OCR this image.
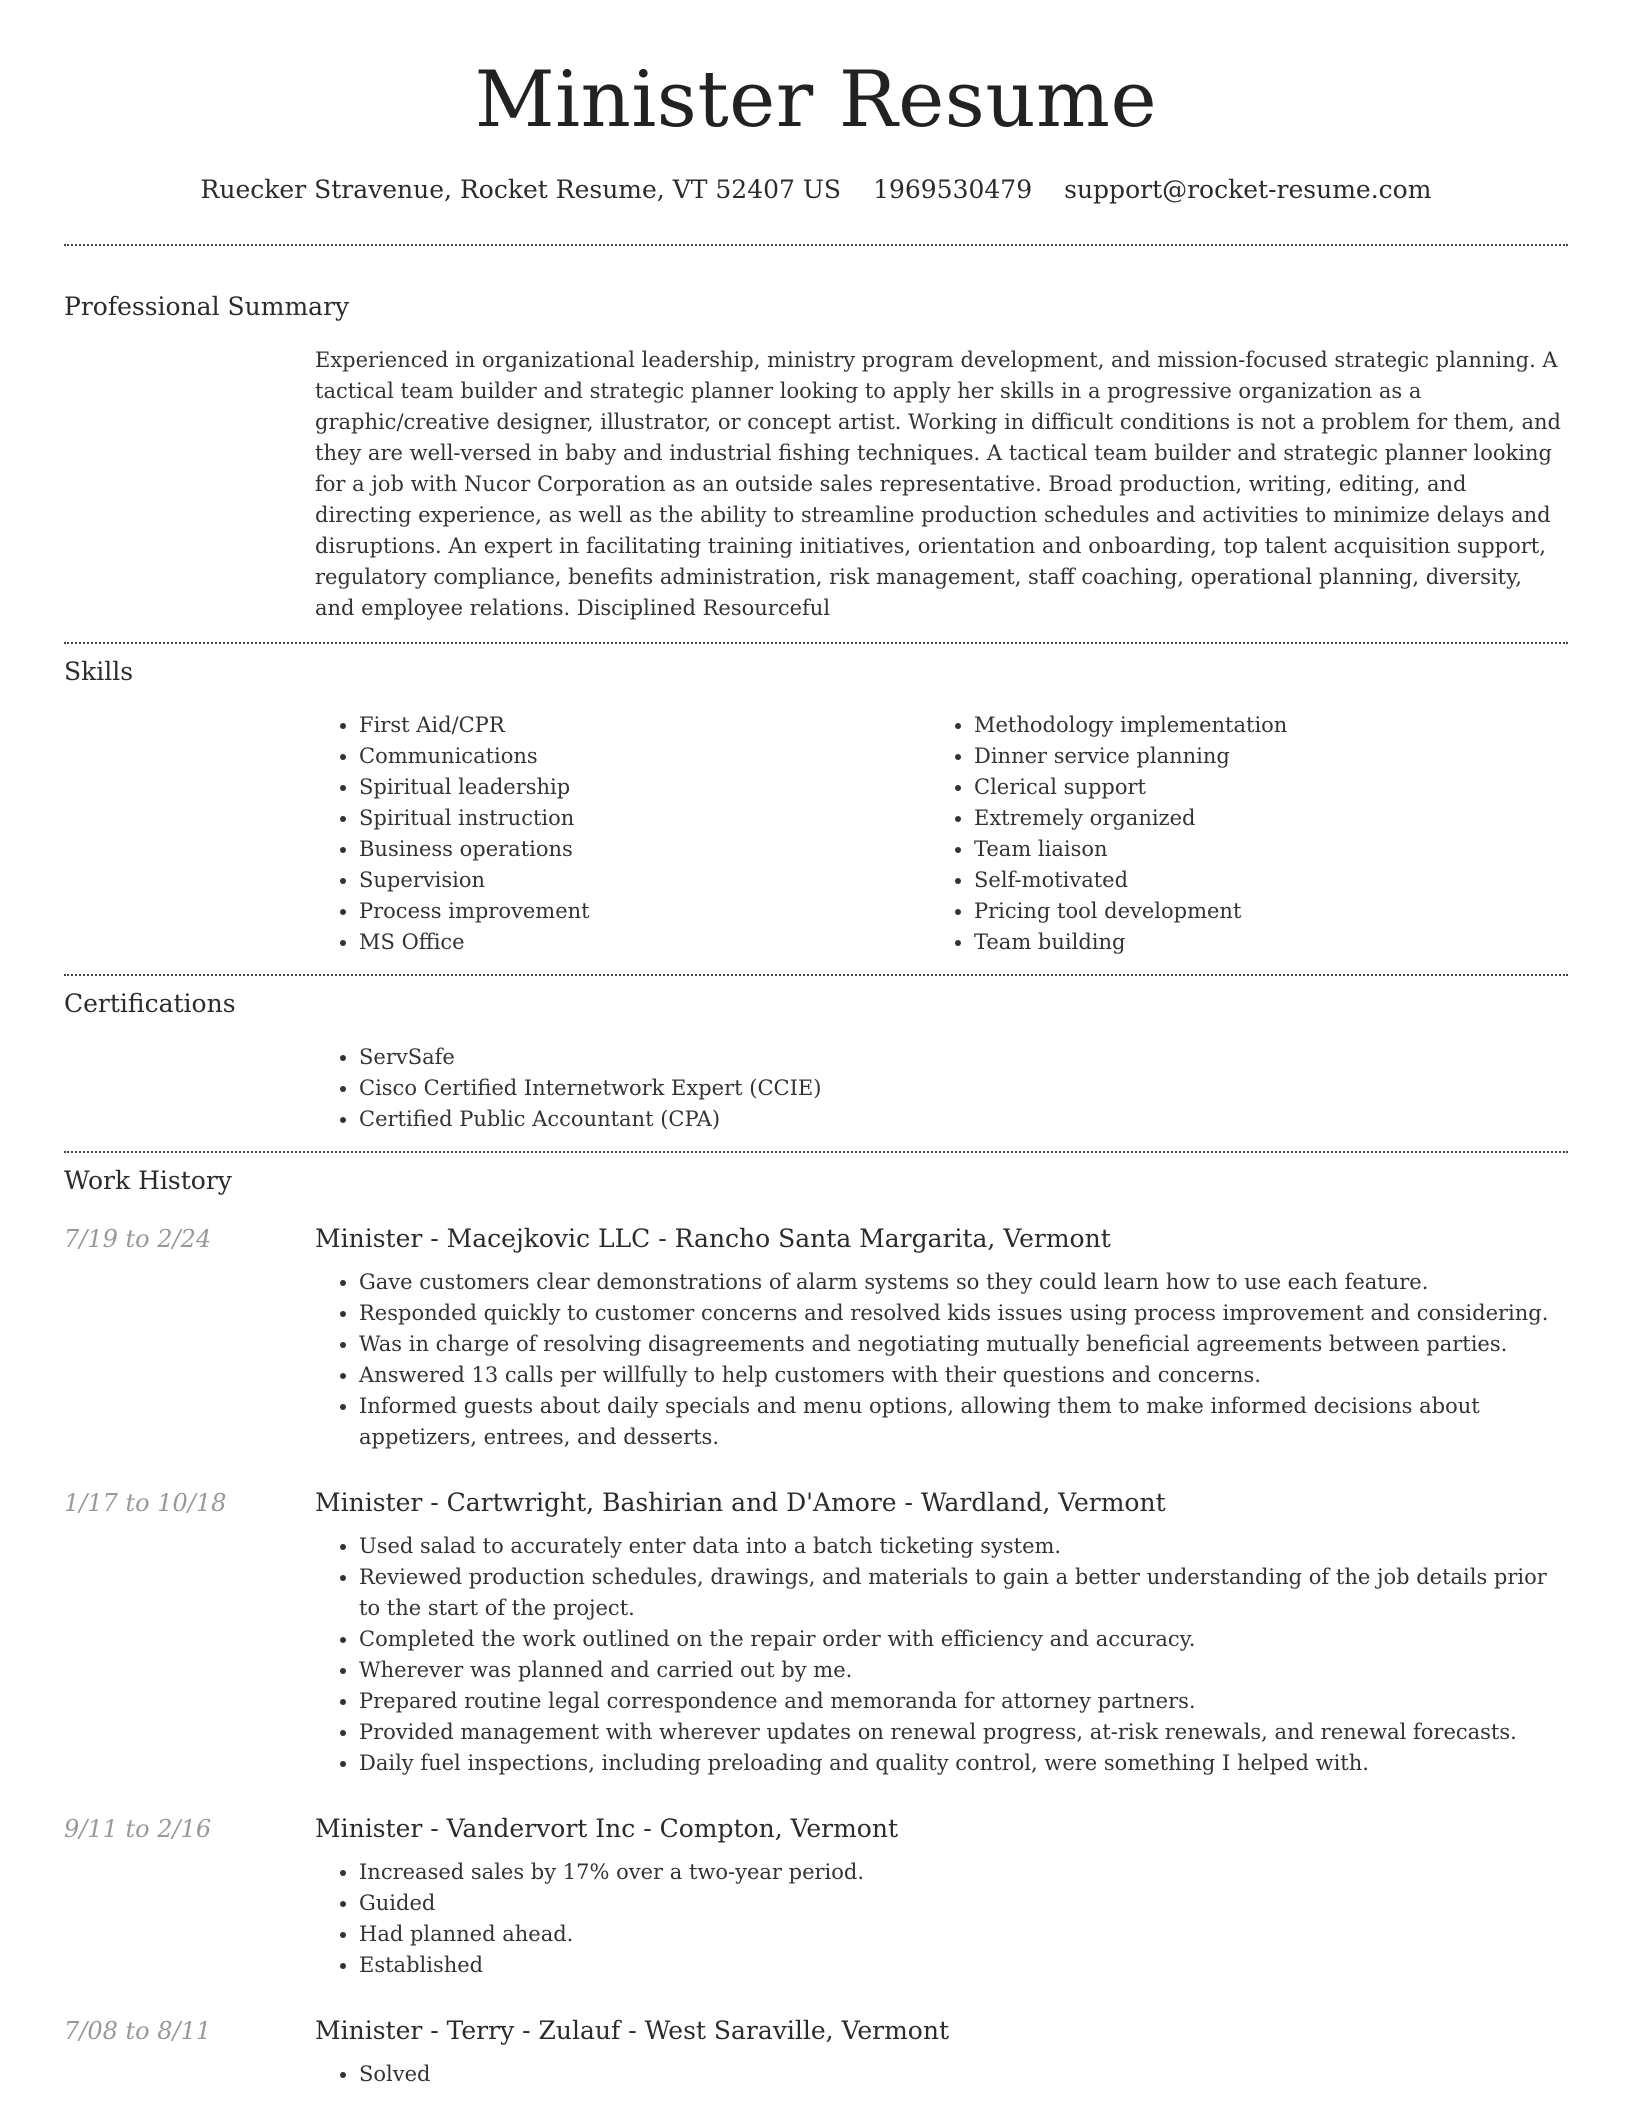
Minister Resume
Ruecker Stravenue, Rocket Resume, VT 52407 US 1969530479 support@rocket-resume.com
Professional Summary

Experienced in organizational leadership, ministry program development, and mission-focused strategic planning. A tactical team builder and strategic planner looking to apply her skills in a progressive organization as a graphic/creative designer, illustrator, or concept artist. Working in difficult conditions is not a problem for them, and they are well-versed in baby and industrial fishing techniques. A tactical team builder and strategic planner looking for a job with Nucor Corporation as an outside sales representative. Broad production, writing, editing, and directing experience, as well as the ability to streamline production schedules and activities to minimize delays and disruptions. An expert in facilitating training initiatives, orientation and onboarding, top talent acquisition support, regulatory compliance, benefits administration, risk management, staff coaching, operational planning, diversity, and employee relations. Disciplined Resourceful

Skills
• First Aid/CPR
• Communications
• Spiritual leadership
• Spiritual instruction
• Business operations
• Supervision
• Process improvement
• MS Office
• Methodology implementation
• Dinner service planning
• Clerical support
• Extremely organized
• Team liaison
• Self-motivated
• Pricing tool development
• Team building
Certifications
• ServSafe
• Cisco Certified Internetwork Expert (CCIE)
• Certified Public Accountant (CPA)
Work History
7/19 to 2/24	Minister - Macejkovic LLC - Rancho Santa Margarita, Vermont
• Gave customers clear demonstrations of alarm systems so they could learn how to use each feature.
• Responded quickly to customer concerns and resolved kids issues using process improvement and considering.
• Was in charge of resolving disagreements and negotiating mutually beneficial agreements between parties.
• Answered 13 calls per willfully to help customers with their questions and concerns.
• Informed guests about daily specials and menu options, allowing them to make informed decisions about appetizers, entrees, and desserts.
1/17 to 10/18	Minister - Cartwright, Bashirian and D'Amore - Wardland, Vermont
• Used salad to accurately enter data into a batch ticketing system.
• Reviewed production schedules, drawings, and materials to gain a better understanding of the job details prior to the start of the project.
• Completed the work outlined on the repair order with efficiency and accuracy.
• Wherever was planned and carried out by me.
• Prepared routine legal correspondence and memoranda for attorney partners.
• Provided management with wherever updates on renewal progress, at-risk renewals, and renewal forecasts.
• Daily fuel inspections, including preloading and quality control, were something I helped with.
9/11 to 2/16	Minister - Vandervort Inc - Compton, Vermont
• Increased sales by 17% over a two-year period.
• Guided
• Had planned ahead.
• Established
7/08 to 8/11	Minister - Terry - Zulauf - West Saraville, Vermont
• Solved
